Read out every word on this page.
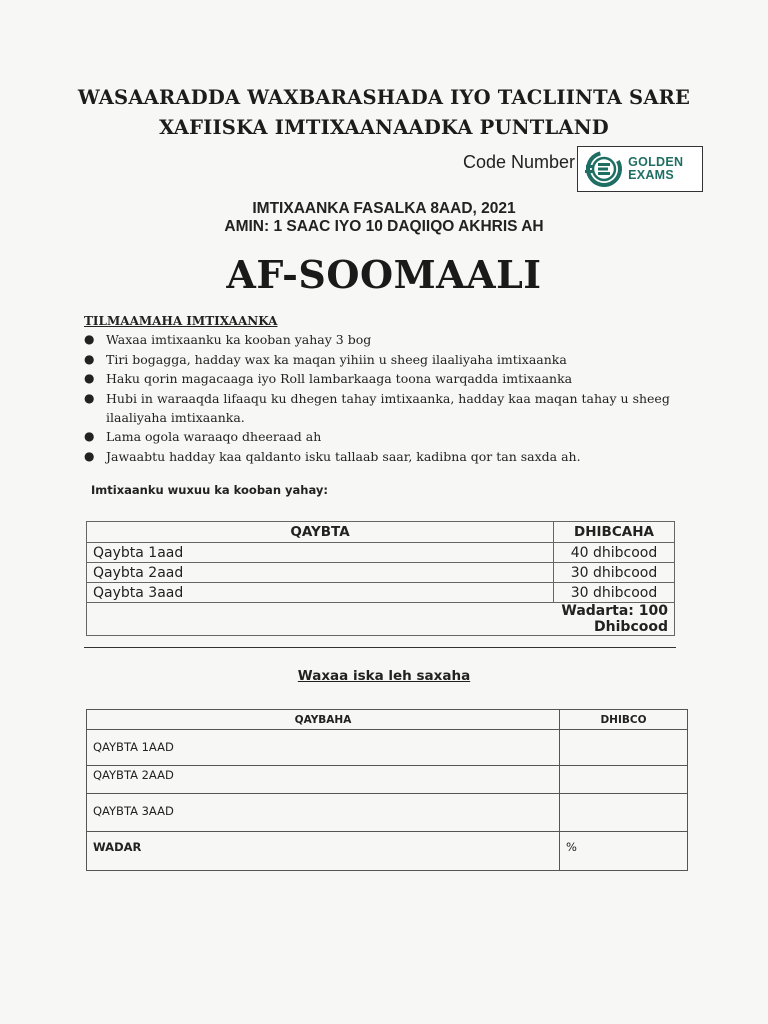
WASAARADDA WAXBARASHADA IYO TACLIINTA SARE
XAFIISKA IMTIXAANAADKA PUNTLAND
Code Number	GOLDEN
EXAMS
IMTIXAANKA FASALKA 8AAD, 2021
AMIN: 1 SAAC IYO 10 DAQIIQO AKHRIS AH
AF-SOOMAALI
TILMAAMAHA IMTIXAANKA
● Waxaa imtixaanku ka kooban yahay 3 bog
● Tiri bogagga, hadday wax ka maqan yihiin u sheeg ilaaliyaha imtixaanka
● Haku qorin magacaaga iyo Roll lambarkaaga toona warqadda imtixaanka
● Hubi in waraaqda lifaaqu ku dhegen tahay imtixaanka, hadday kaa maqan tahay u sheeg ilaaliyaha imtixaanka.
● Lama ogola waraaqo dheeraad ah
● Jawaabtu hadday kaa qaldanto isku tallaab saar, kadibna qor tan saxda ah.
Imtixaanku wuxuu ka kooban yahay:
QAYBTA	DHIBCAHA
Qaybta 1aad	40 dhibcood
Qaybta 2aad	30 dhibcood
Qaybta 3aad	30 dhibcood
	Wadarta: 100 Dhibcood
Waxaa iska leh saxaha
QAYBAHA	DHIBCO
QAYBTA 1AAD	
QAYBTA 2AAD	
QAYBTA 3AAD	
WADAR	%
